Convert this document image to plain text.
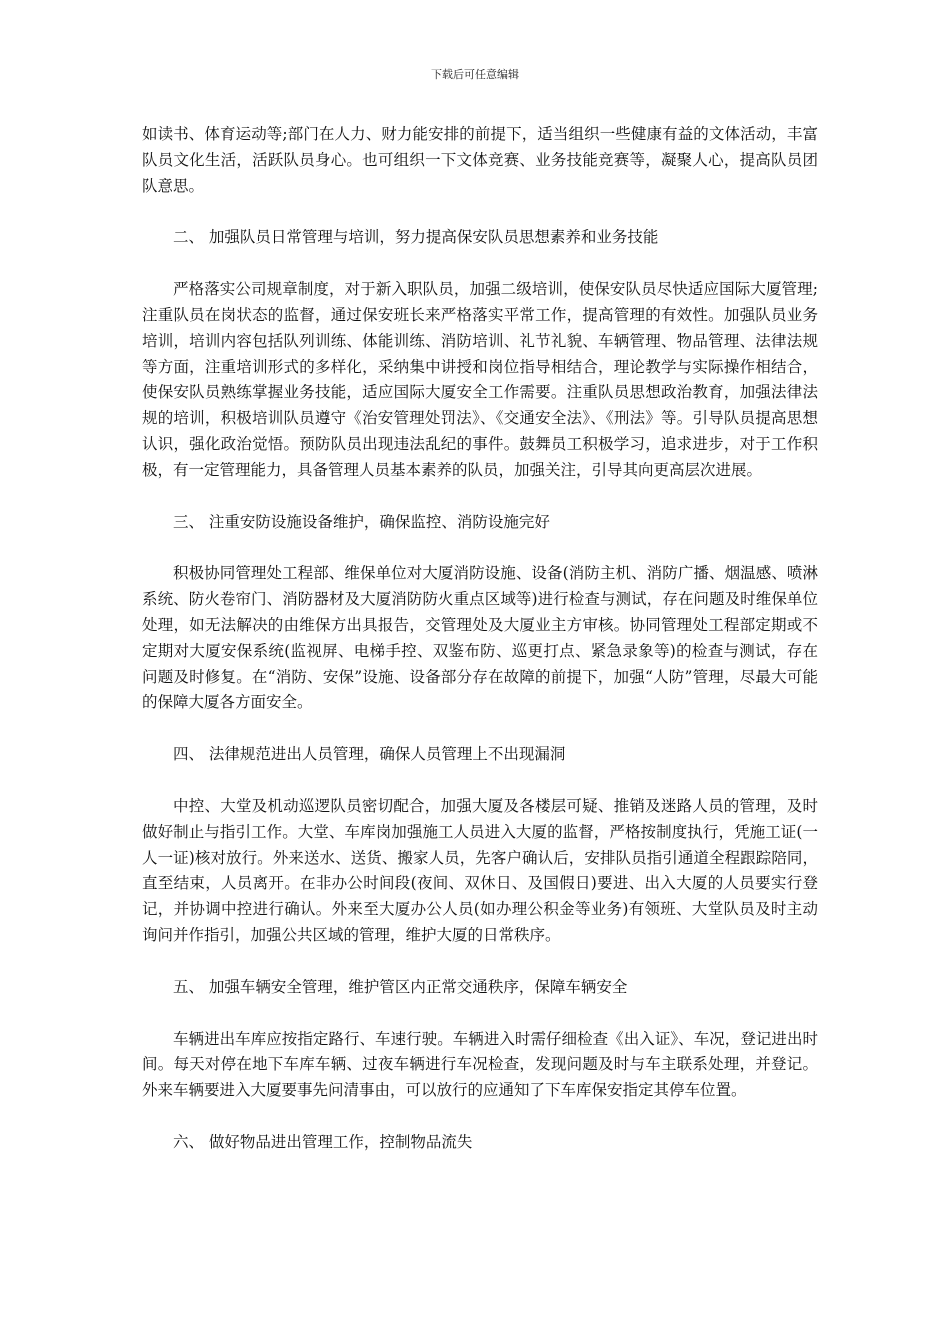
下载后可任意编辑

如读书、体育运动等;部门在人力、财力能安排的前提下，适当组织一些健康有益的文体活动，丰富队员文化生活，活跃队员身心。也可组织一下文体竞赛、业务技能竞赛等，凝聚人心，提高队员团队意思。

二、 加强队员日常管理与培训，努力提高保安队员思想素养和业务技能

严格落实公司规章制度，对于新入职队员，加强二级培训，使保安队员尽快适应国际大厦管理;注重队员在岗状态的监督，通过保安班长来严格落实平常工作，提高管理的有效性。加强队员业务培训，培训内容包括队列训练、体能训练、消防培训、礼节礼貌、车辆管理、物品管理、法律法规等方面，注重培训形式的多样化，采纳集中讲授和岗位指导相结合，理论教学与实际操作相结合，使保安队员熟练掌握业务技能，适应国际大厦安全工作需要。注重队员思想政治教育，加强法律法规的培训，积极培训队员遵守《治安管理处罚法》、《交通安全法》、《刑法》等。引导队员提高思想认识，强化政治觉悟。预防队员出现违法乱纪的事件。鼓舞员工积极学习，追求进步，对于工作积极，有一定管理能力，具备管理人员基本素养的队员，加强关注，引导其向更高层次进展。

三、 注重安防设施设备维护，确保监控、消防设施完好

积极协同管理处工程部、维保单位对大厦消防设施、设备(消防主机、消防广播、烟温感、喷淋系统、防火卷帘门、消防器材及大厦消防防火重点区域等)进行检查与测试，存在问题及时维保单位处理，如无法解决的由维保方出具报告，交管理处及大厦业主方审核。协同管理处工程部定期或不定期对大厦安保系统(监视屏、电梯手控、双鉴布防、巡更打点、紧急录象等)的检查与测试，存在问题及时修复。在“消防、安保”设施、设备部分存在故障的前提下，加强“人防”管理，尽最大可能的保障大厦各方面安全。

四、 法律规范进出人员管理，确保人员管理上不出现漏洞

中控、大堂及机动巡逻队员密切配合，加强大厦及各楼层可疑、推销及迷路人员的管理，及时做好制止与指引工作。大堂、车库岗加强施工人员进入大厦的监督，严格按制度执行，凭施工证(一人一证)核对放行。外来送水、送货、搬家人员，先客户确认后，安排队员指引通道全程跟踪陪同，直至结束，人员离开。在非办公时间段(夜间、双休日、及国假日)要进、出入大厦的人员要实行登记，并协调中控进行确认。外来至大厦办公人员(如办理公积金等业务)有领班、大堂队员及时主动询问并作指引，加强公共区域的管理，维护大厦的日常秩序。

五、 加强车辆安全管理，维护管区内正常交通秩序，保障车辆安全

车辆进出车库应按指定路行、车速行驶。车辆进入时需仔细检查《出入证》、车况，登记进出时间。每天对停在地下车库车辆、过夜车辆进行车况检查，发现问题及时与车主联系处理，并登记。外来车辆要进入大厦要事先问清事由，可以放行的应通知了下车库保安指定其停车位置。

六、 做好物品进出管理工作，控制物品流失
